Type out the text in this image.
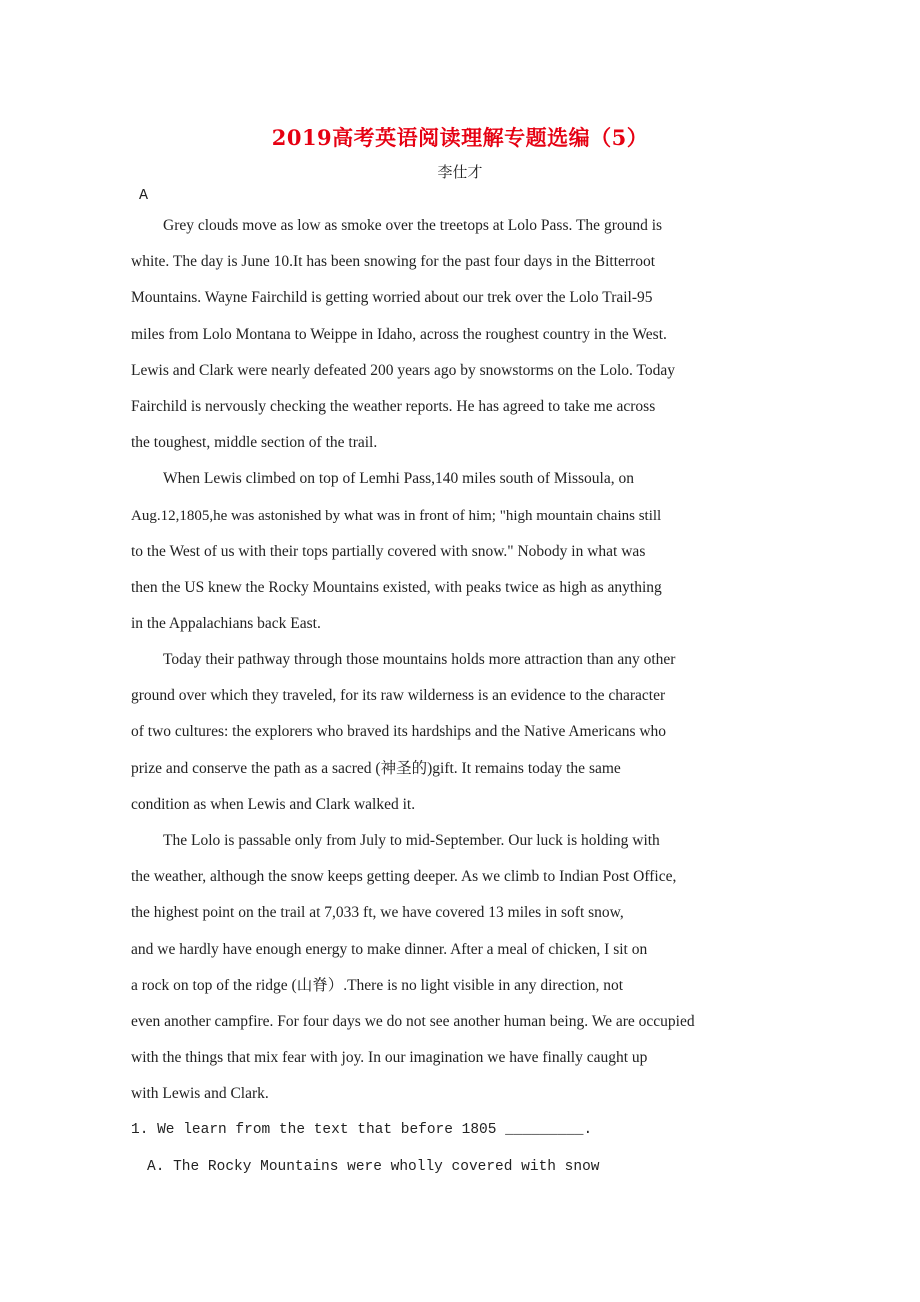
2019高考英语阅读理解专题选编（5）
李仕才
A
Grey clouds move as low as smoke over the treetops at Lolo Pass. The ground is
white. The day is June 10.It has been snowing for the past four days in the Bitterroot
Mountains. Wayne Fairchild is getting worried about our trek over the Lolo Trail-95
miles from Lolo Montana to Weippe in Idaho, across the roughest country in the West.
Lewis and Clark were nearly defeated 200 years ago by snowstorms on the Lolo. Today
Fairchild is nervously checking the weather reports. He has agreed to take me across
the toughest, middle section of the trail.
When Lewis climbed on top of Lemhi Pass,140 miles south of Missoula, on
Aug.12,1805,he was astonished by what was in front of him; "high mountain chains still
to the West of us with their tops partially covered with snow." Nobody in what was
then the US knew the Rocky Mountains existed, with peaks twice as high as anything
in the Appalachians back East.
Today their pathway through those mountains holds more attraction than any other
ground over which they traveled, for its raw wilderness is an evidence to the character
of two cultures: the explorers who braved its hardships and the Native Americans who
prize and conserve the path as a sacred (神圣的)gift. It remains today the same
condition as when Lewis and Clark walked it.
The Lolo is passable only from July to mid-September. Our luck is holding with
the weather, although the snow keeps getting deeper. As we climb to Indian Post Office,
the highest point on the trail at 7,033 ft, we have covered 13 miles in soft snow,
and we hardly have enough energy to make dinner. After a meal of chicken, I sit on
a rock on top of the ridge (山脊）.There is no light visible in any direction, not
even another campfire. For four days we do not see another human being. We are occupied
with the things that mix fear with joy. In our imagination we have finally caught up
with Lewis and Clark.
1. We learn from the text that before 1805 _________.
A. The Rocky Mountains were wholly covered with snow
